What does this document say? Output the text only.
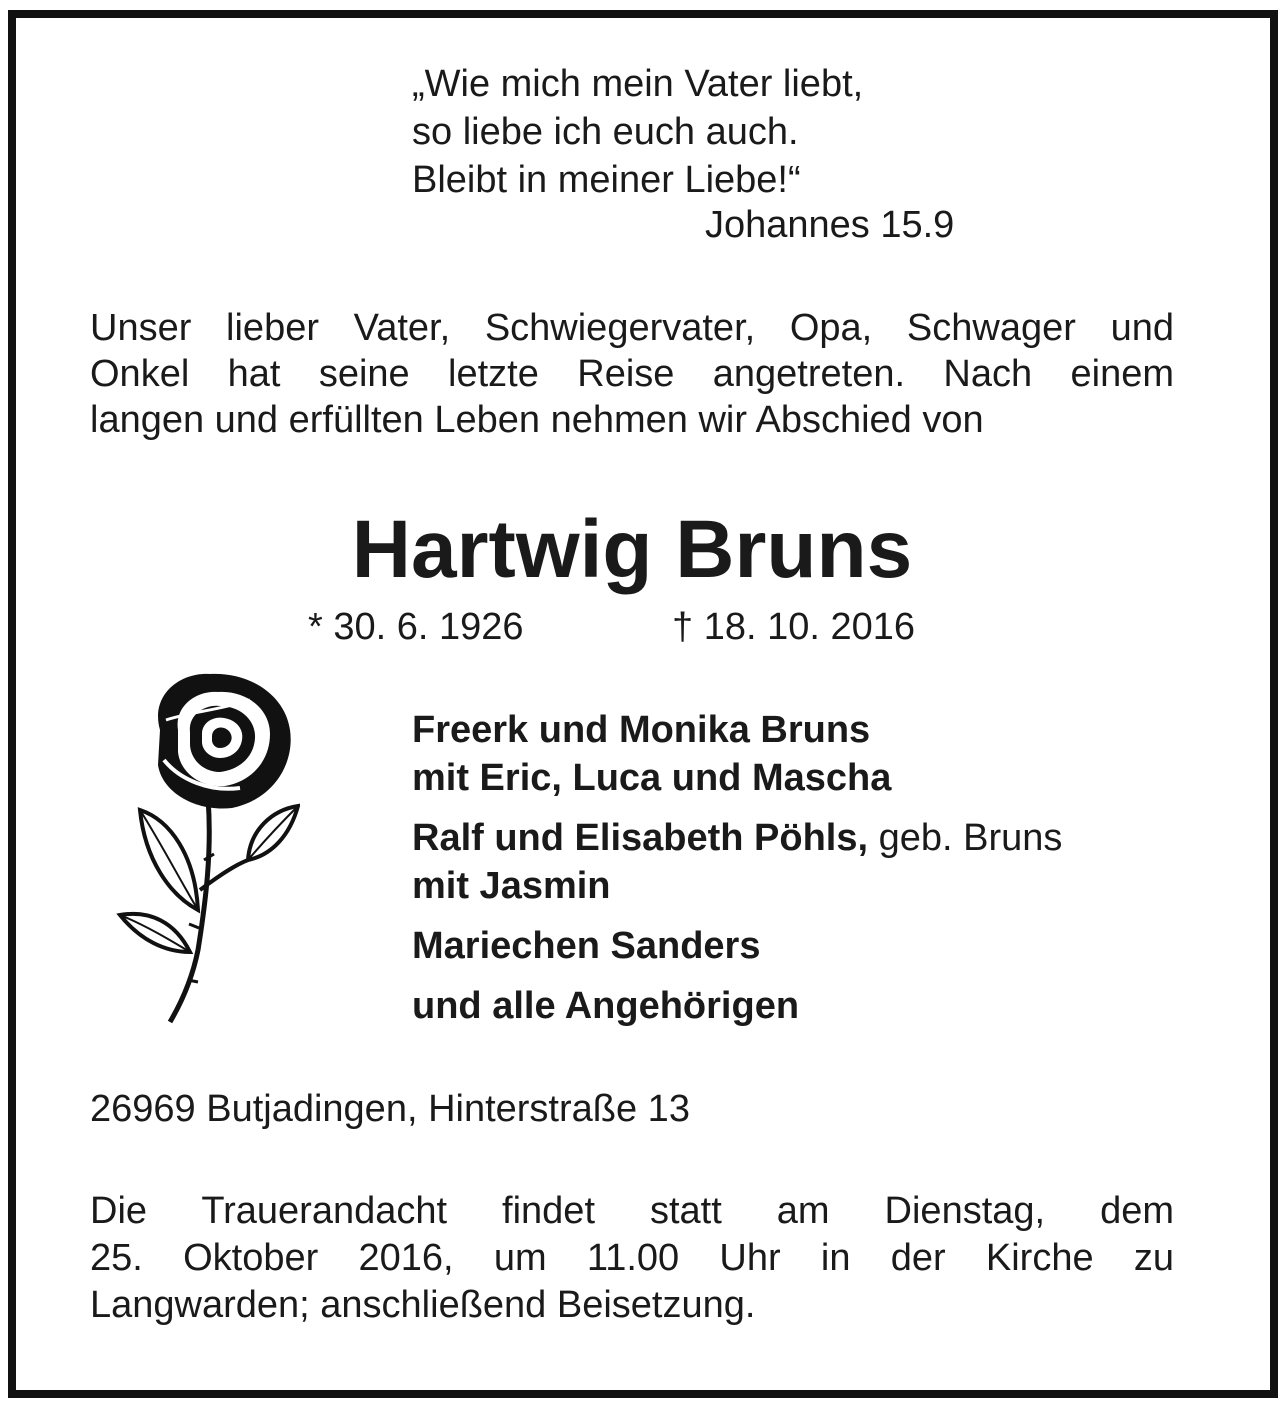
„Wie mich mein Vater liebt,
so liebe ich euch auch.
Bleibt in meiner Liebe!“
Johannes 15.9
Unser lieber Vater, Schwiegervater, Opa, Schwager und
Onkel hat seine letzte Reise angetreten. Nach einem
langen und erfüllten Leben nehmen wir Abschied von
Hartwig Bruns
* 30. 6. 1926	† 18. 10. 2016
Freerk und Monika Bruns
mit Eric, Luca und Mascha
Ralf und Elisabeth Pöhls, geb. Bruns
mit Jasmin
Mariechen Sanders
und alle Angehörigen
26969 Butjadingen, Hinterstraße 13
Die Trauerandacht findet statt am Dienstag, dem
25. Oktober 2016, um 11.00 Uhr in der Kirche zu
Langwarden; anschließend Beisetzung.
